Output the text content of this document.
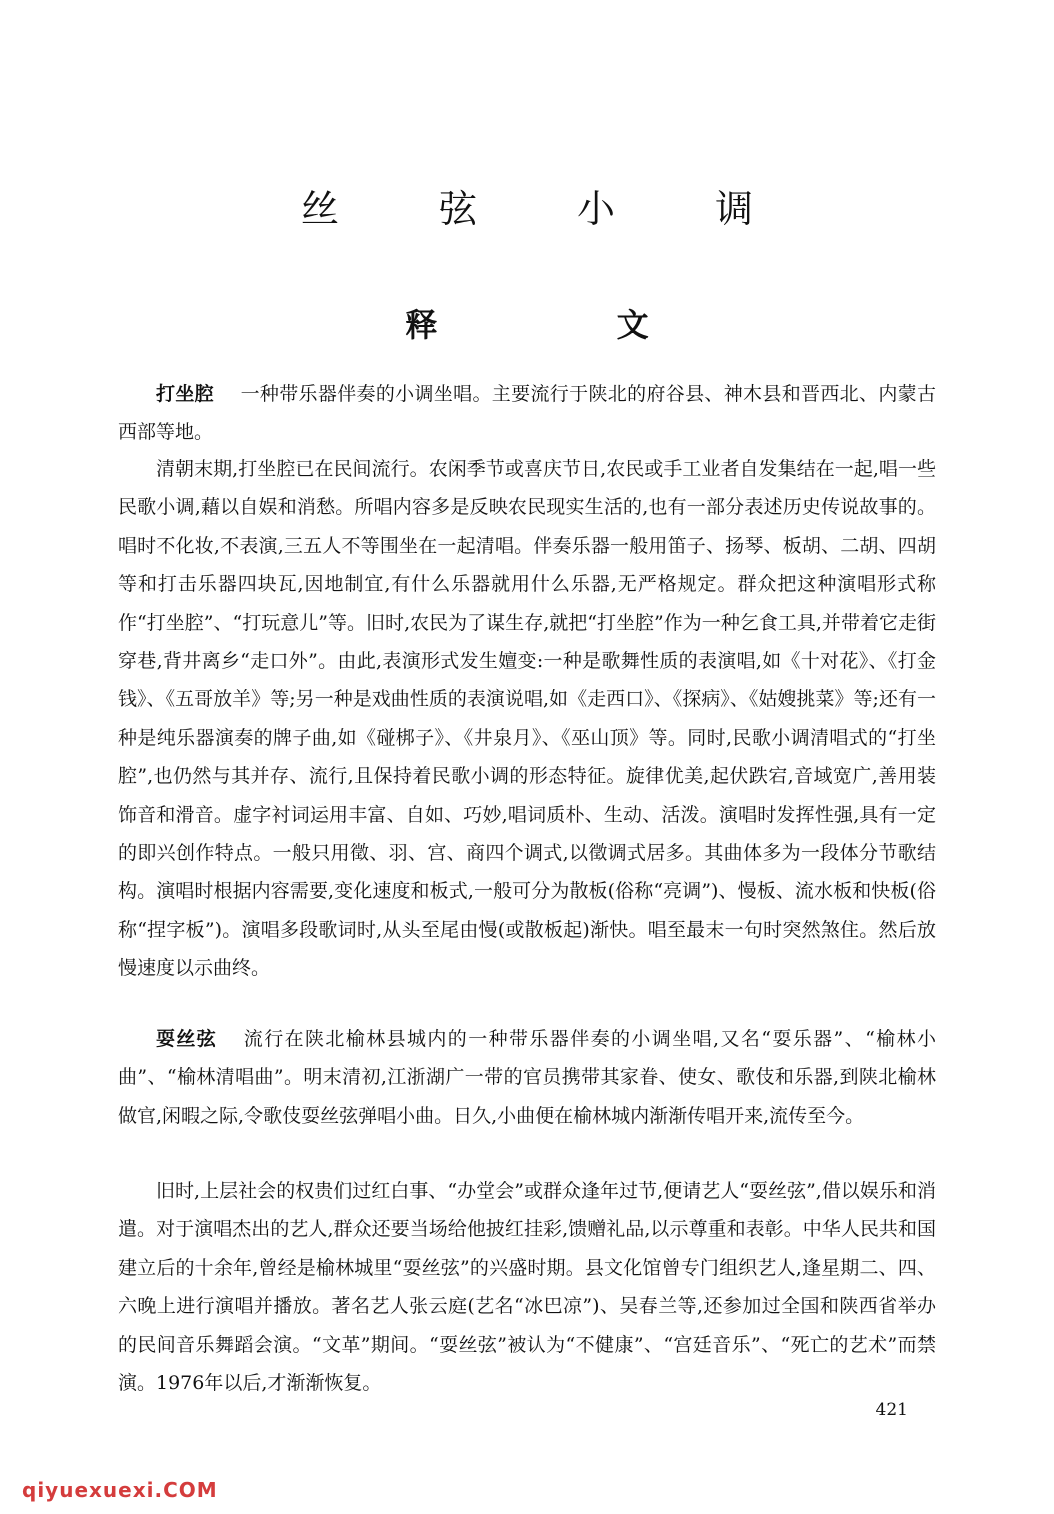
丝 弦 小 调
释 文

打坐腔 一种带乐器伴奏的小调坐唱。主要流行于陕北的府谷县、神木县和晋西北、内蒙古西部等地。

清朝末期,打坐腔已在民间流行。农闲季节或喜庆节日,农民或手工业者自发集结在一起,唱一些民歌小调,藉以自娱和消愁。所唱内容多是反映农民现实生活的,也有一部分表述历史传说故事的。唱时不化妆,不表演,三五人不等围坐在一起清唱。伴奏乐器一般用笛子、扬琴、板胡、二胡、四胡等和打击乐器四块瓦,因地制宜,有什么乐器就用什么乐器,无严格规定。群众把这种演唱形式称作“打坐腔”、“打玩意儿”等。旧时,农民为了谋生存,就把“打坐腔”作为一种乞食工具,并带着它走街穿巷,背井离乡“走口外”。由此,表演形式发生嬗变:一种是歌舞性质的表演唱,如《十对花》、《打金钱》、《五哥放羊》等;另一种是戏曲性质的表演说唱,如《走西口》、《探病》、《姑嫂挑菜》等;还有一种是纯乐器演奏的牌子曲,如《碰梆子》、《井泉月》、《巫山顶》等。同时,民歌小调清唱式的“打坐腔”,也仍然与其并存、流行,且保持着民歌小调的形态特征。旋律优美,起伏跌宕,音域宽广,善用装饰音和滑音。虚字衬词运用丰富、自如、巧妙,唱词质朴、生动、活泼。演唱时发挥性强,具有一定的即兴创作特点。一般只用徵、羽、宫、商四个调式,以徵调式居多。其曲体多为一段体分节歌结构。演唱时根据内容需要,变化速度和板式,一般可分为散板(俗称“亮调”)、慢板、流水板和快板(俗称“捏字板”)。演唱多段歌词时,从头至尾由慢(或散板起)渐快。唱至最末一句时突然煞住。然后放慢速度以示曲终。

耍丝弦 流行在陕北榆林县城内的一种带乐器伴奏的小调坐唱,又名“耍乐器”、“榆林小曲”、“榆林清唱曲”。明末清初,江浙湖广一带的官员携带其家眷、使女、歌伎和乐器,到陕北榆林做官,闲暇之际,令歌伎耍丝弦弹唱小曲。日久,小曲便在榆林城内渐渐传唱开来,流传至今。

旧时,上层社会的权贵们过红白事、“办堂会”或群众逢年过节,便请艺人“耍丝弦”,借以娱乐和消遣。对于演唱杰出的艺人,群众还要当场给他披红挂彩,馈赠礼品,以示尊重和表彰。中华人民共和国建立后的十余年,曾经是榆林城里“耍丝弦”的兴盛时期。县文化馆曾专门组织艺人,逢星期二、四、六晚上进行演唱并播放。著名艺人张云庭(艺名“冰巴凉”)、吴春兰等,还参加过全国和陕西省举办的民间音乐舞蹈会演。“文革”期间。“耍丝弦”被认为“不健康”、“宫廷音乐”、“死亡的艺术”而禁演。1976年以后,才渐渐恢复。

421
qiyuexuexi.COM
